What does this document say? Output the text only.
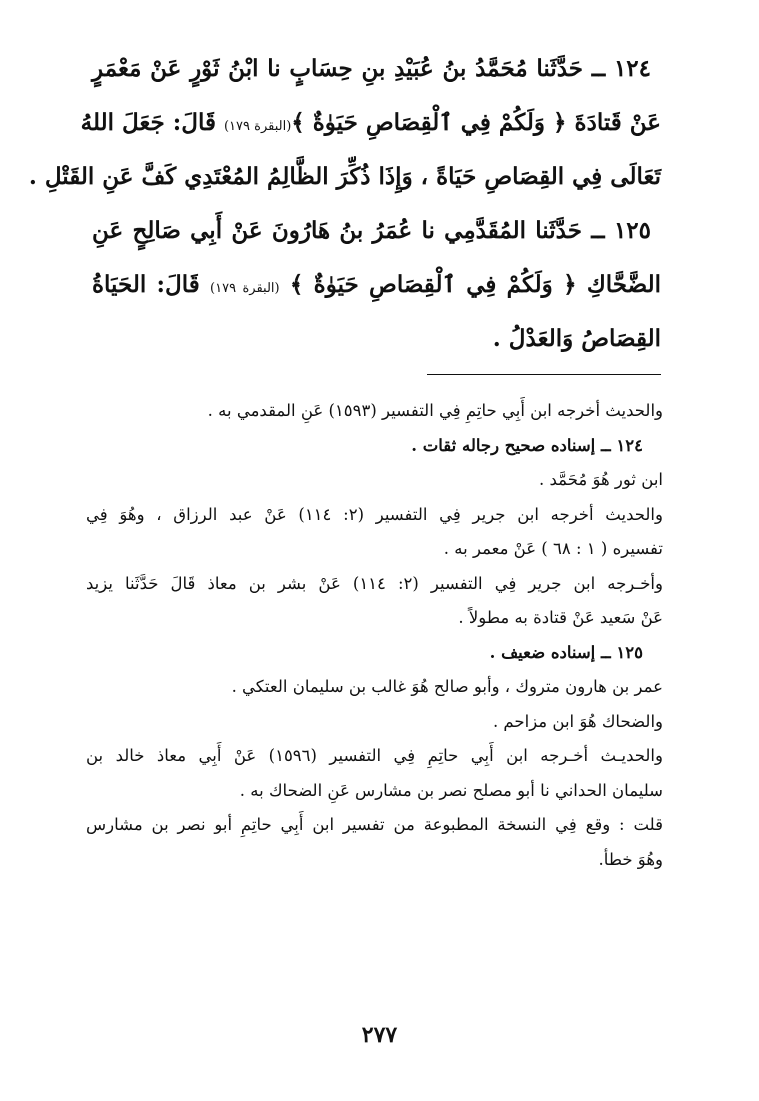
١٢٤ ــ حَدَّثَنا مُحَمَّدُ بنُ عُبَيْدِ بنِ حِسَابٍ نا ابْنُ ثَوْرٍ عَنْ مَعْمَرٍ
عَنْ قَتادَةَ ﴿ وَلَكُمْ فِي ٱلْقِصَاصِ حَيَوٰةٌ ﴾(البقرة ١٧٩) قَالَ: جَعَلَ اللهُ
تَعَالَى فِي القِصَاصِ حَيَاةً ، وَإِذَا ذُكِّرَ الظَّالِمُ المُعْتَدِي كَفَّ عَنِ القَتْلِ .
١٢٥ ــ حَدَّثَنا المُقَدَّمِي نا عُمَرُ بنُ هَارُونَ عَنْ أَبِي صَالِحٍ عَنِ
الضَّحَّاكِ ﴿ وَلَكُمْ فِي ٱلْقِصَاصِ حَيَوٰةٌ ﴾ (البقرة ١٧٩) قَالَ: الحَيَاةُ
القِصَاصُ وَالعَدْلُ .
والحديث أخرجه ابن أَبِي حاتِمِ فِي التفسير (١٥٩٣) عَنِ المقدمي به .
١٢٤ ــ إسناده صحيح رجاله ثقات .
ابن ثور هُوَ مُحَمَّد .
والحديث أخرجه ابن جرير فِي التفسير (٢: ١١٤) عَنْ عبد الرزاق ، وهُوَ فِي
تفسيره ( ١ : ٦٨ ) عَنْ معمر به .
وأخـرجه ابن جرير فِي التفسير (٢: ١١٤) عَنْ بشر بن معاذ قَالَ حَدَّثَنا يزيد
عَنْ سَعيد عَنْ قتادة به مطولاً .
١٢٥ ــ إسناده ضعيف .
عمر بن هارون متروك ، وأبو صالح هُوَ غالب بن سليمان العتكي .
والضحاك هُوَ ابن مزاحم .
والحديـث أخـرجه ابن أَبِي حاتِمِ فِي التفسير (١٥٩٦) عَنْ أَبِي معاذ خالد بن
سليمان الحداني نا أبو مصلح نصر بن مشارس عَنِ الضحاك به .
قلت : وقع فِي النسخة المطبوعة من تفسير ابن أَبِي حاتِمِ أبو نصر بن مشارس
وهُوَ خطأ.
٢٧٧
